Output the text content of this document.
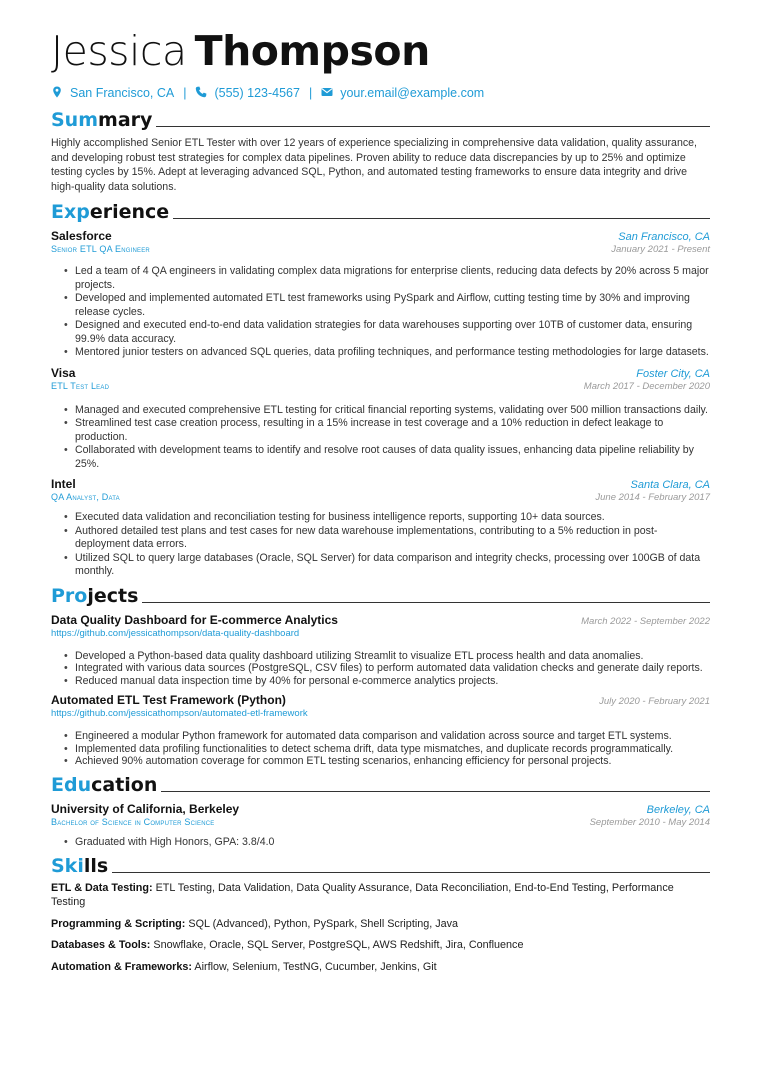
Jessica Thompson
San Francisco, CA | (555) 123-4567 | your.email@example.com
Summary
Highly accomplished Senior ETL Tester with over 12 years of experience specializing in comprehensive data validation, quality assurance, and developing robust test strategies for complex data pipelines. Proven ability to reduce data discrepancies by up to 25% and optimize testing cycles by 15%. Adept at leveraging advanced SQL, Python, and automated testing frameworks to ensure data integrity and drive high-quality data solutions.
Experience
Salesforce	San Francisco, CA
Senior ETL QA Engineer	January 2021 - Present
• Led a team of 4 QA engineers in validating complex data migrations for enterprise clients, reducing data defects by 20% across 5 major projects.
• Developed and implemented automated ETL test frameworks using PySpark and Airflow, cutting testing time by 30% and improving release cycles.
• Designed and executed end-to-end data validation strategies for data warehouses supporting over 10TB of customer data, ensuring 99.9% data accuracy.
• Mentored junior testers on advanced SQL queries, data profiling techniques, and performance testing methodologies for large datasets.
Visa	Foster City, CA
ETL Test Lead	March 2017 - December 2020
• Managed and executed comprehensive ETL testing for critical financial reporting systems, validating over 500 million transactions daily.
• Streamlined test case creation process, resulting in a 15% increase in test coverage and a 10% reduction in defect leakage to production.
• Collaborated with development teams to identify and resolve root causes of data quality issues, enhancing data pipeline reliability by 25%.
Intel	Santa Clara, CA
QA Analyst, Data	June 2014 - February 2017
• Executed data validation and reconciliation testing for business intelligence reports, supporting 10+ data sources.
• Authored detailed test plans and test cases for new data warehouse implementations, contributing to a 5% reduction in post-deployment data errors.
• Utilized SQL to query large databases (Oracle, SQL Server) for data comparison and integrity checks, processing over 100GB of data monthly.
Projects
Data Quality Dashboard for E-commerce Analytics	March 2022 - September 2022
https://github.com/jessicathompson/data-quality-dashboard
• Developed a Python-based data quality dashboard utilizing Streamlit to visualize ETL process health and data anomalies.
• Integrated with various data sources (PostgreSQL, CSV files) to perform automated data validation checks and generate daily reports.
• Reduced manual data inspection time by 40% for personal e-commerce analytics projects.
Automated ETL Test Framework (Python)	July 2020 - February 2021
https://github.com/jessicathompson/automated-etl-framework
• Engineered a modular Python framework for automated data comparison and validation across source and target ETL systems.
• Implemented data profiling functionalities to detect schema drift, data type mismatches, and duplicate records programmatically.
• Achieved 90% automation coverage for common ETL testing scenarios, enhancing efficiency for personal projects.
Education
University of California, Berkeley	Berkeley, CA
Bachelor of Science in Computer Science	September 2010 - May 2014
• Graduated with High Honors, GPA: 3.8/4.0
Skills
ETL & Data Testing: ETL Testing, Data Validation, Data Quality Assurance, Data Reconciliation, End-to-End Testing, Performance Testing
Programming & Scripting: SQL (Advanced), Python, PySpark, Shell Scripting, Java
Databases & Tools: Snowflake, Oracle, SQL Server, PostgreSQL, AWS Redshift, Jira, Confluence
Automation & Frameworks: Airflow, Selenium, TestNG, Cucumber, Jenkins, Git
